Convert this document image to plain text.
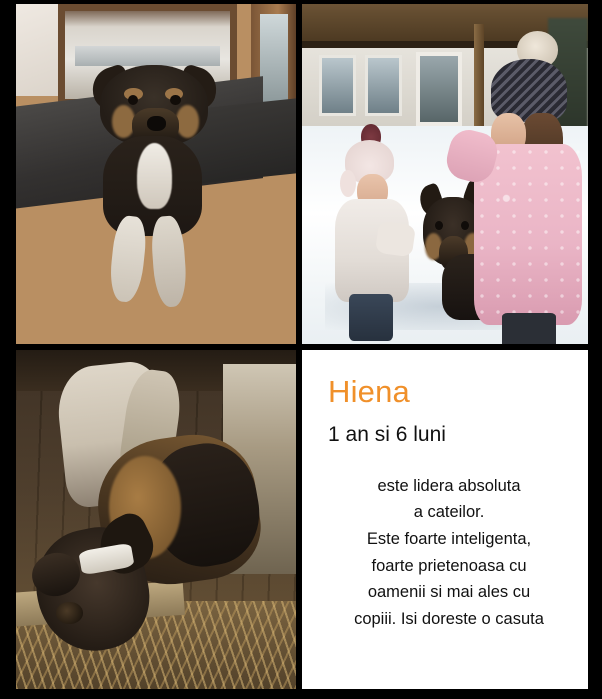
Hiena
1 an si 6 luni

este lidera absoluta
a cateilor.
Este foarte inteligenta,
foarte prietenoasa cu
oamenii si mai ales cu
copiii. Isi doreste o casuta
